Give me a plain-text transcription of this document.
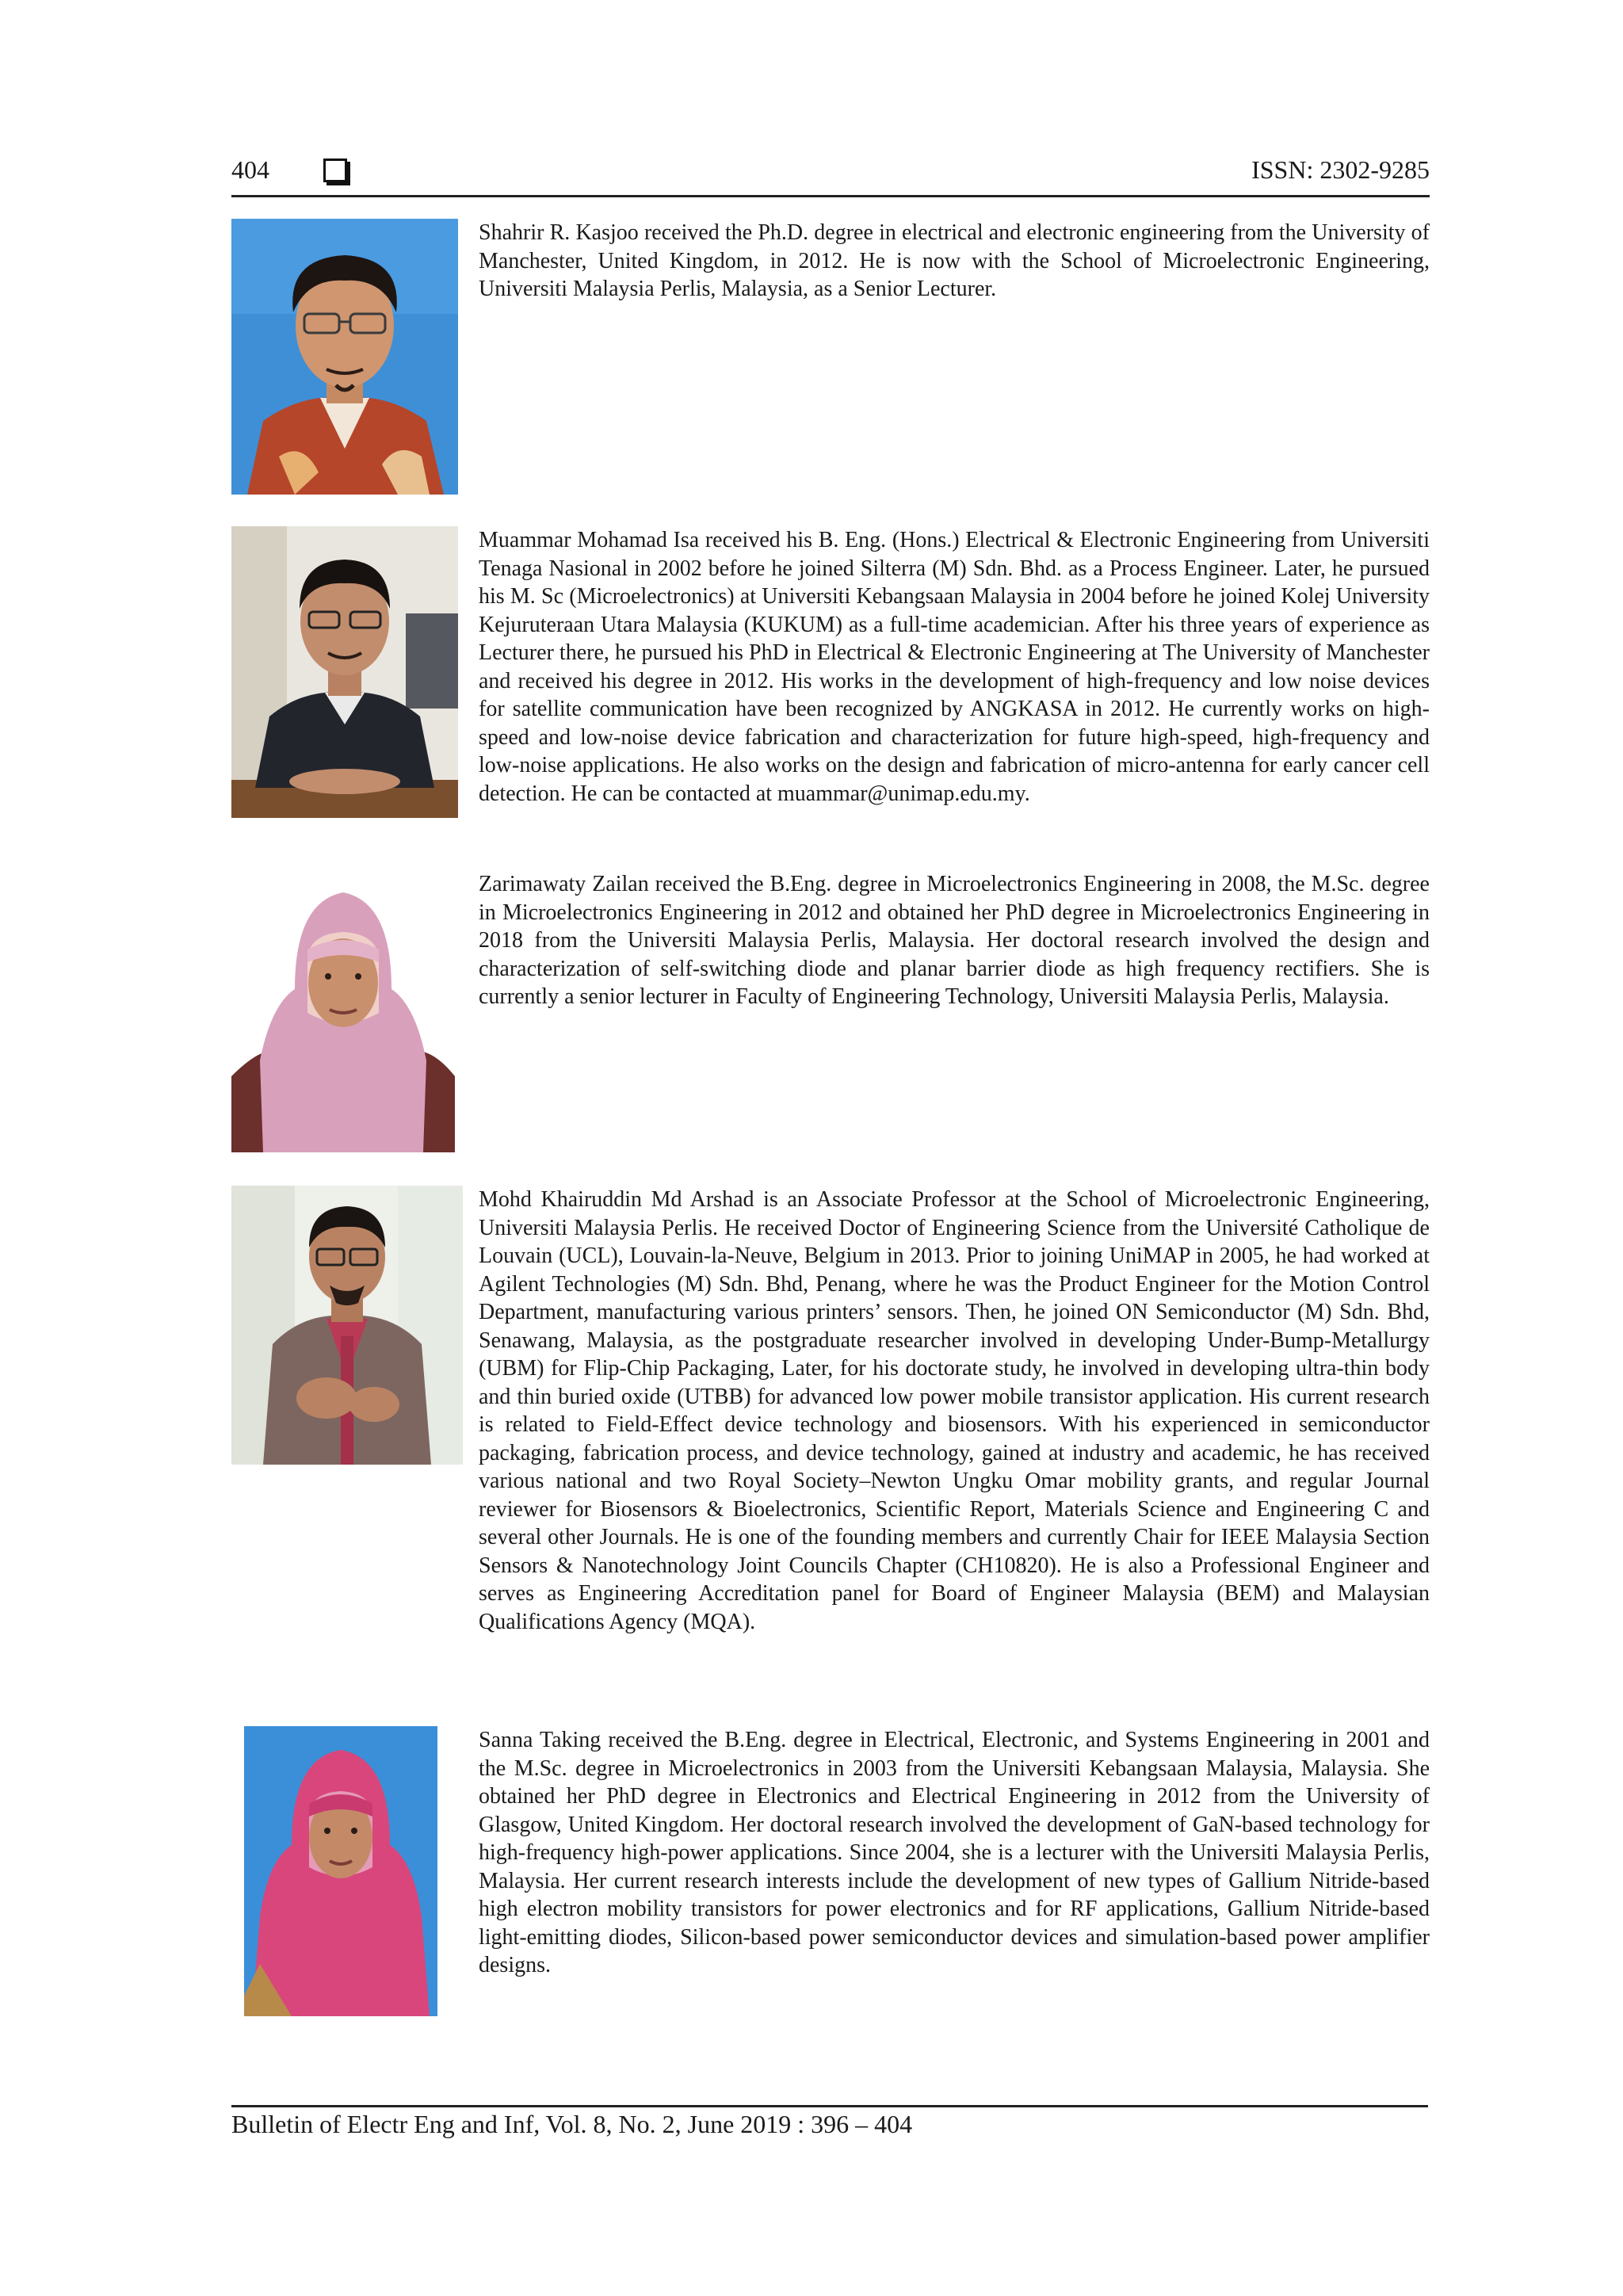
404	ISSN: 2302-9285

Shahrir R. Kasjoo received the Ph.D. degree in electrical and electronic engineering from the University of Manchester, United Kingdom, in 2012. He is now with the School of Microelectronic Engineering, Universiti Malaysia Perlis, Malaysia, as a Senior Lecturer.

Muammar Mohamad Isa received his B. Eng. (Hons.) Electrical & Electronic Engineering from Universiti Tenaga Nasional in 2002 before he joined Silterra (M) Sdn. Bhd. as a Process Engineer. Later, he pursued his M. Sc (Microelectronics) at Universiti Kebangsaan Malaysia in 2004 before he joined Kolej University Kejuruteraan Utara Malaysia (KUKUM) as a full-time academician. After his three years of experience as Lecturer there, he pursued his PhD in Electrical & Electronic Engineering at The University of Manchester and received his degree in 2012. His works in the development of high-frequency and low noise devices for satellite communication have been recognized by ANGKASA in 2012. He currently works on high-speed and low-noise device fabrication and characterization for future high-speed, high-frequency and low-noise applications. He also works on the design and fabrication of micro-antenna for early cancer cell detection. He can be contacted at muammar@unimap.edu.my.

Zarimawaty Zailan received the B.Eng. degree in Microelectronics Engineering in 2008, the M.Sc. degree in Microelectronics Engineering in 2012 and obtained her PhD degree in Microelectronics Engineering in 2018 from the Universiti Malaysia Perlis, Malaysia. Her doctoral research involved the design and characterization of self-switching diode and planar barrier diode as high frequency rectifiers. She is currently a senior lecturer in Faculty of Engineering Technology, Universiti Malaysia Perlis, Malaysia.

Mohd Khairuddin Md Arshad is an Associate Professor at the School of Microelectronic Engineering, Universiti Malaysia Perlis. He received Doctor of Engineering Science from the Université Catholique de Louvain (UCL), Louvain-la-Neuve, Belgium in 2013. Prior to joining UniMAP in 2005, he had worked at Agilent Technologies (M) Sdn. Bhd, Penang, where he was the Product Engineer for the Motion Control Department, manufacturing various printers’ sensors. Then, he joined ON Semiconductor (M) Sdn. Bhd, Senawang, Malaysia, as the postgraduate researcher involved in developing Under-Bump-Metallurgy (UBM) for Flip-Chip Packaging, Later, for his doctorate study, he involved in developing ultra-thin body and thin buried oxide (UTBB) for advanced low power mobile transistor application. His current research is related to Field-Effect device technology and biosensors. With his experienced in semiconductor packaging, fabrication process, and device technology, gained at industry and academic, he has received various national and two Royal Society–Newton Ungku Omar mobility grants, and regular Journal reviewer for Biosensors & Bioelectronics, Scientific Report, Materials Science and Engineering C and several other Journals. He is one of the founding members and currently Chair for IEEE Malaysia Section Sensors & Nanotechnology Joint Councils Chapter (CH10820). He is also a Professional Engineer and serves as Engineering Accreditation panel for Board of Engineer Malaysia (BEM) and Malaysian Qualifications Agency (MQA).

Sanna Taking received the B.Eng. degree in Electrical, Electronic, and Systems Engineering in 2001 and the M.Sc. degree in Microelectronics in 2003 from the Universiti Kebangsaan Malaysia, Malaysia. She obtained her PhD degree in Electronics and Electrical Engineering in 2012 from the University of Glasgow, United Kingdom. Her doctoral research involved the development of GaN-based technology for high-frequency high-power applications. Since 2004, she is a lecturer with the Universiti Malaysia Perlis, Malaysia. Her current research interests include the development of new types of Gallium Nitride-based high electron mobility transistors for power electronics and for RF applications, Gallium Nitride-based light-emitting diodes, Silicon-based power semiconductor devices and simulation-based power amplifier designs.

Bulletin of Electr Eng and Inf, Vol. 8, No. 2, June 2019 : 396 – 404
